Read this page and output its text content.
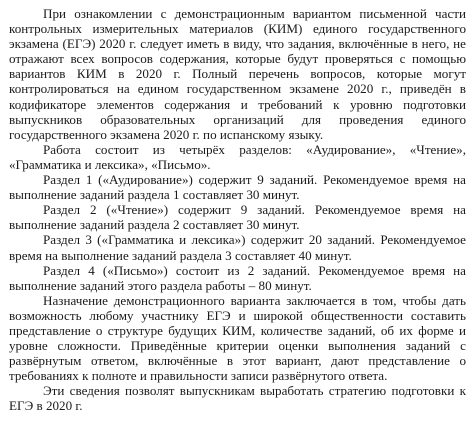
При ознакомлении с демонстрационным вариантом письменной части контрольных измерительных материалов (КИМ) единого государственного экзамена (ЕГЭ) 2020 г. следует иметь в виду, что задания, включённые в него, не отражают всех вопросов содержания, которые будут проверяться с помощью вариантов КИМ в 2020 г. Полный перечень вопросов, которые могут контролироваться на едином государственном экзамене 2020 г., приведён в кодификаторе элементов содержания и требований к уровню подготовки выпускников образовательных организаций для проведения единого государственного экзамена 2020 г. по испанскому языку.

Работа состоит из четырёх разделов: «Аудирование», «Чтение», «Грамматика и лексика», «Письмо».

Раздел 1 («Аудирование») содержит 9 заданий. Рекомендуемое время на выполнение заданий раздела 1 составляет 30 минут.

Раздел 2 («Чтение») содержит 9 заданий. Рекомендуемое время на выполнение заданий раздела 2 составляет 30 минут.

Раздел 3 («Грамматика и лексика») содержит 20 заданий. Рекомендуемое время на выполнение заданий раздела 3 составляет 40 минут.

Раздел 4 («Письмо») состоит из 2 заданий. Рекомендуемое время на выполнение заданий этого раздела работы – 80 минут.

Назначение демонстрационного варианта заключается в том, чтобы дать возможность любому участнику ЕГЭ и широкой общественности составить представление о структуре будущих КИМ, количестве заданий, об их форме и уровне сложности. Приведённые критерии оценки выполнения заданий с развёрнутым ответом, включённые в этот вариант, дают представление о требованиях к полноте и правильности записи развёрнутого ответа.

Эти сведения позволят выпускникам выработать стратегию подготовки к ЕГЭ в 2020 г.
